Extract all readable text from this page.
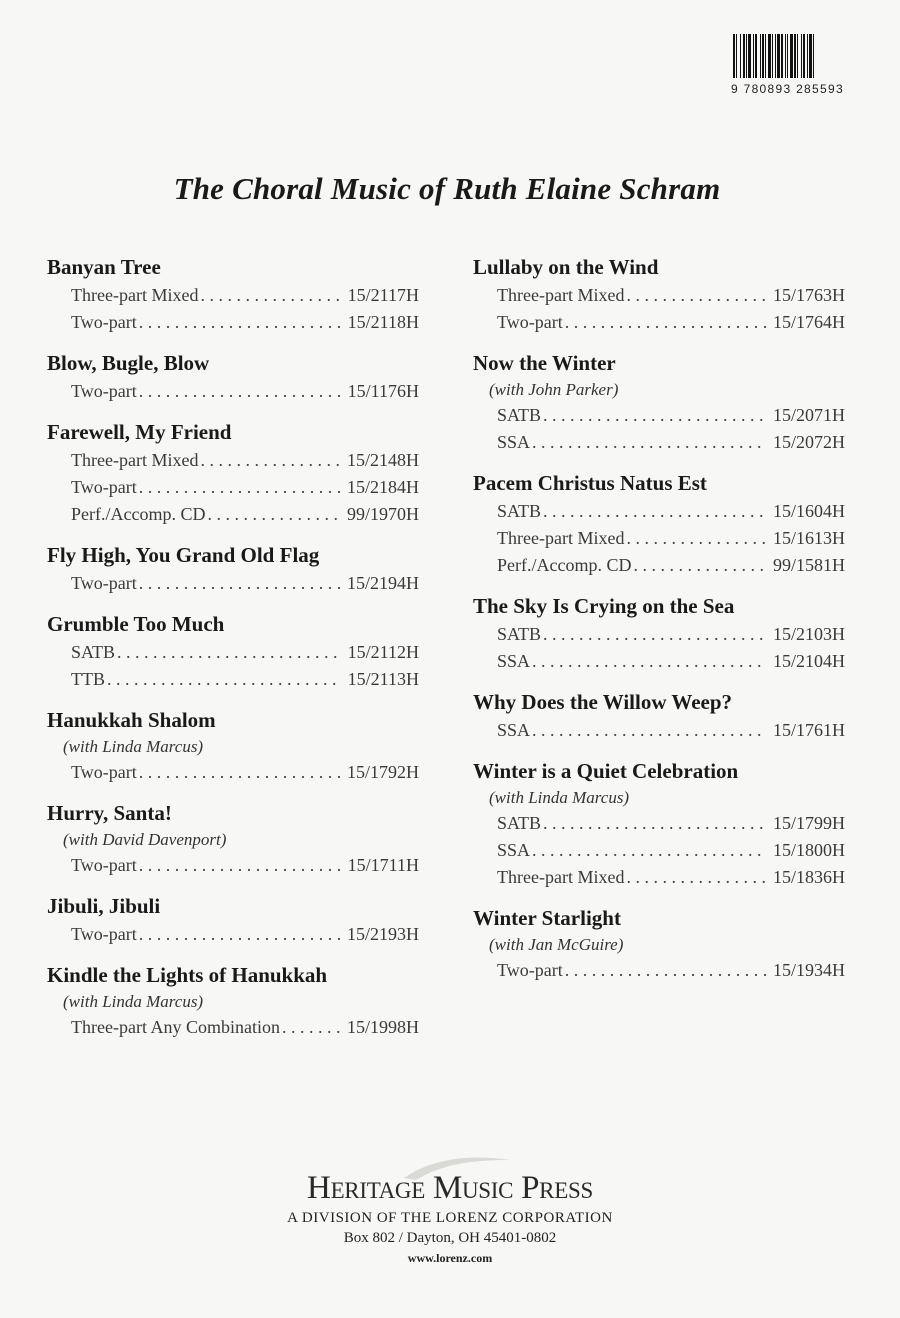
9 780893 285593
The Choral Music of Ruth Elaine Schram
Banyan Tree
Three-part Mixed . . .	15/2117H
Two-part . . .	15/2118H
Blow, Bugle, Blow
Two-part . . .	15/1176H
Farewell, My Friend
Three-part Mixed . . .	15/2148H
Two-part . . .	15/2184H
Perf./Accomp. CD . . .	99/1970H
Fly High, You Grand Old Flag
Two-part . . .	15/2194H
Grumble Too Much
SATB . . .	15/2112H
TTB . . .	15/2113H
Hanukkah Shalom
(with Linda Marcus)
Two-part . . .	15/1792H
Hurry, Santa!
(with David Davenport)
Two-part . . .	15/1711H
Jibuli, Jibuli
Two-part . . .	15/2193H
Kindle the Lights of Hanukkah
(with Linda Marcus)
Three-part Any Combination . . .	15/1998H
Lullaby on the Wind
Three-part Mixed . . .	15/1763H
Two-part . . .	15/1764H
Now the Winter
(with John Parker)
SATB . . .	15/2071H
SSA . . .	15/2072H
Pacem Christus Natus Est
SATB . . .	15/1604H
Three-part Mixed . . .	15/1613H
Perf./Accomp. CD . . .	99/1581H
The Sky Is Crying on the Sea
SATB . . .	15/2103H
SSA . . .	15/2104H
Why Does the Willow Weep?
SSA . . .	15/1761H
Winter is a Quiet Celebration
(with Linda Marcus)
SATB . . .	15/1799H
SSA . . .	15/1800H
Three-part Mixed . . .	15/1836H
Winter Starlight
(with Jan McGuire)
Two-part . . .	15/1934H
Heritage Music Press
A DIVISION OF THE LORENZ CORPORATION
Box 802 / Dayton, OH 45401-0802
www.lorenz.com
